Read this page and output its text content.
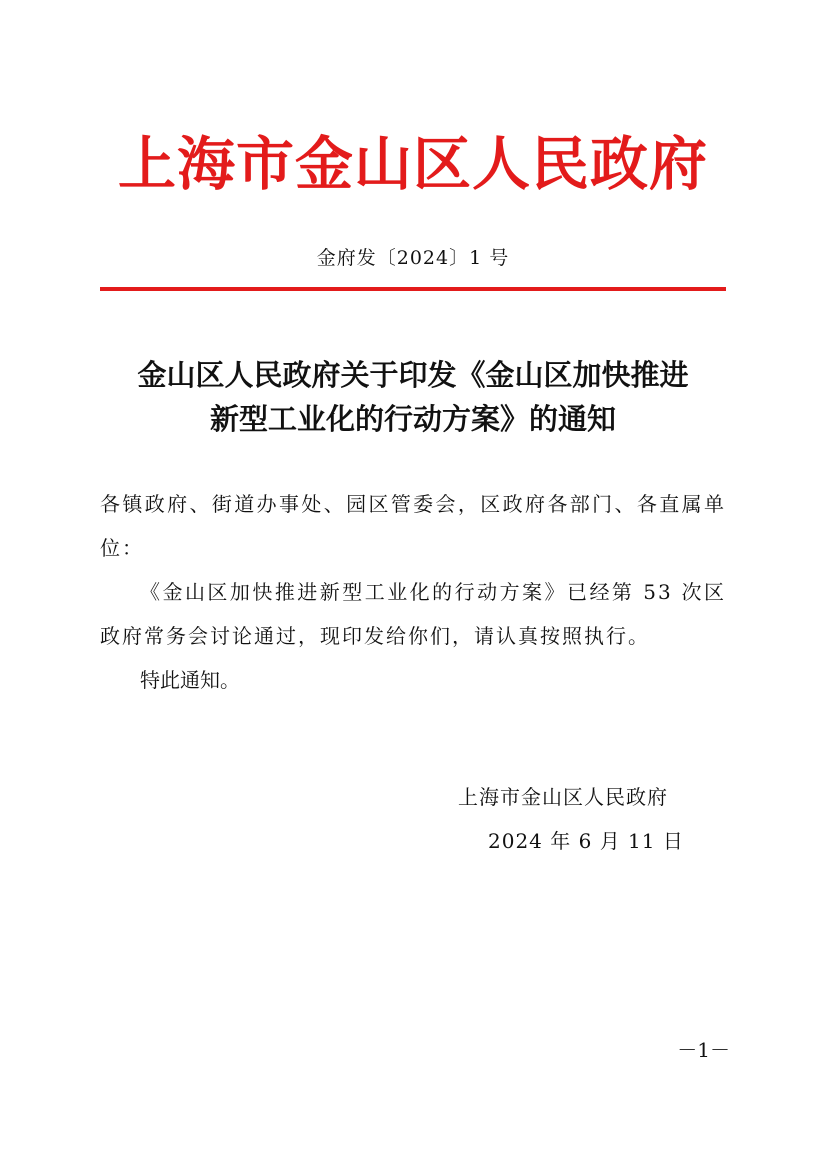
上海市金山区人民政府
金府发〔2024〕1 号
金山区人民政府关于印发《金山区加快推进
新型工业化的行动方案》的通知

各镇政府、街道办事处、园区管委会，区政府各部门、各直属单位：

《金山区加快推进新型工业化的行动方案》已经第 53 次区政府常务会讨论通过，现印发给你们，请认真按照执行。

特此通知。

上海市金山区人民政府
2024 年 6 月 11 日
－1－
